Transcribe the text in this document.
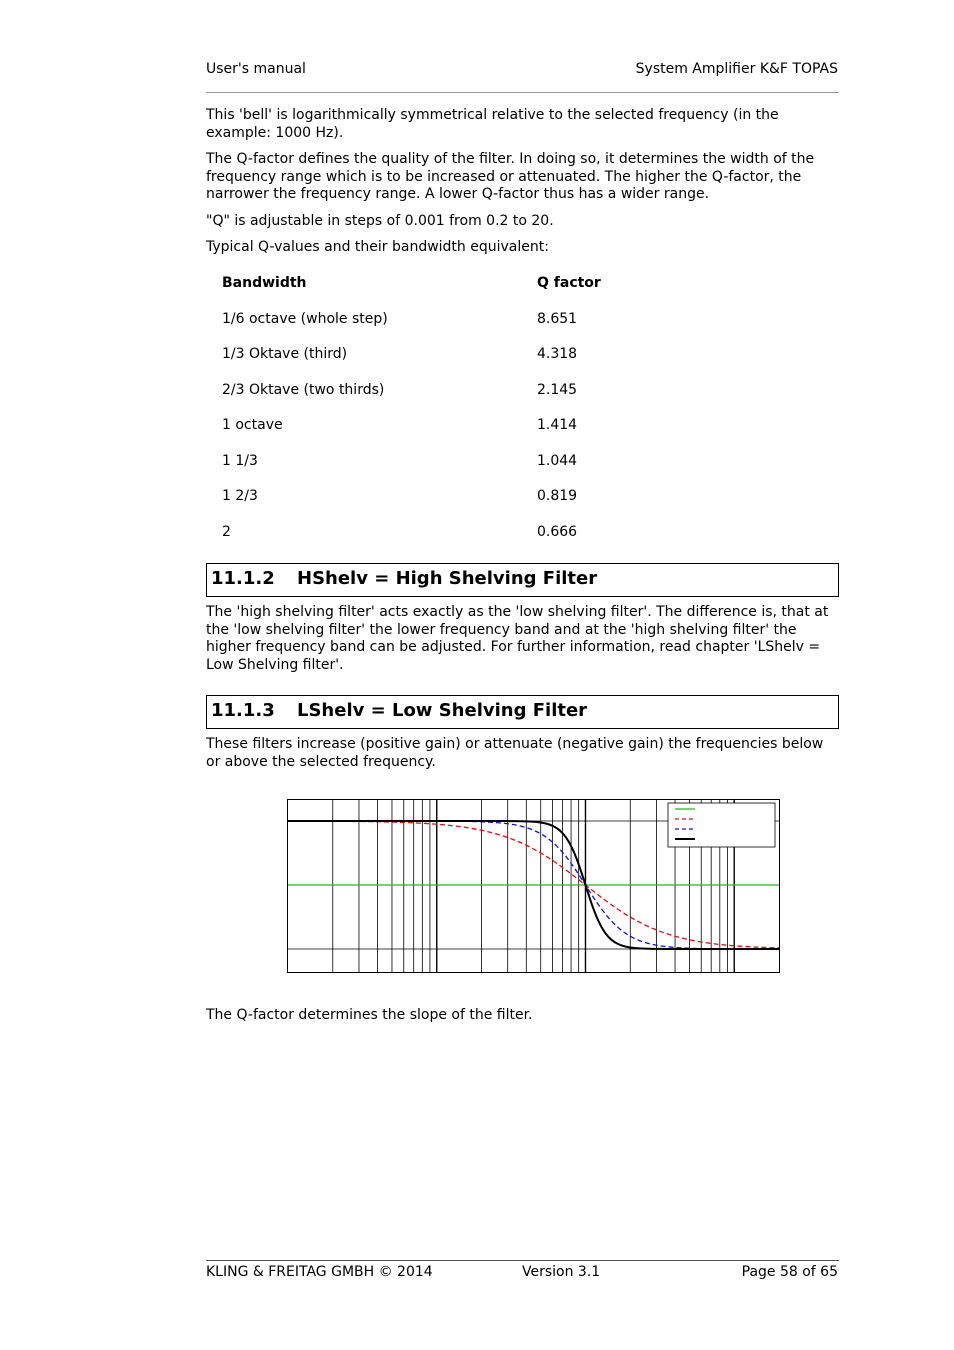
User's manual	System Amplifier K&F TOPAS

This 'bell' is logarithmically symmetrical relative to the selected frequency (in the example: 1000 Hz).

The Q-factor defines the quality of the filter. In doing so, it determines the width of the frequency range which is to be increased or attenuated. The higher the Q-factor, the narrower the frequency range. A lower Q-factor thus has a wider range.

"Q" is adjustable in steps of 0.001 from 0.2 to 20.

Typical Q-values and their bandwidth equivalent:

Bandwidth	Q factor
1/6 octave (whole step)	8.651
1/3 Oktave (third)	4.318
2/3 Oktave (two thirds)	2.145
1 octave	1.414
1 1/3	1.044
1 2/3	0.819
2	0.666
11.1.2 HShelv = High Shelving Filter

The 'high shelving filter' acts exactly as the 'low shelving filter'. The difference is, that at the 'low shelving filter' the lower frequency band and at the 'high shelving filter' the higher frequency band can be adjusted. For further information, read chapter 'LShelv = Low Shelving filter'.

11.1.3 LShelv = Low Shelving Filter

These filters increase (positive gain) or attenuate (negative gain) the frequencies below or above the selected frequency.

The Q-factor determines the slope of the filter.

KLING & FREITAG GMBH © 2014	Version 3.1	Page 58 of 65
